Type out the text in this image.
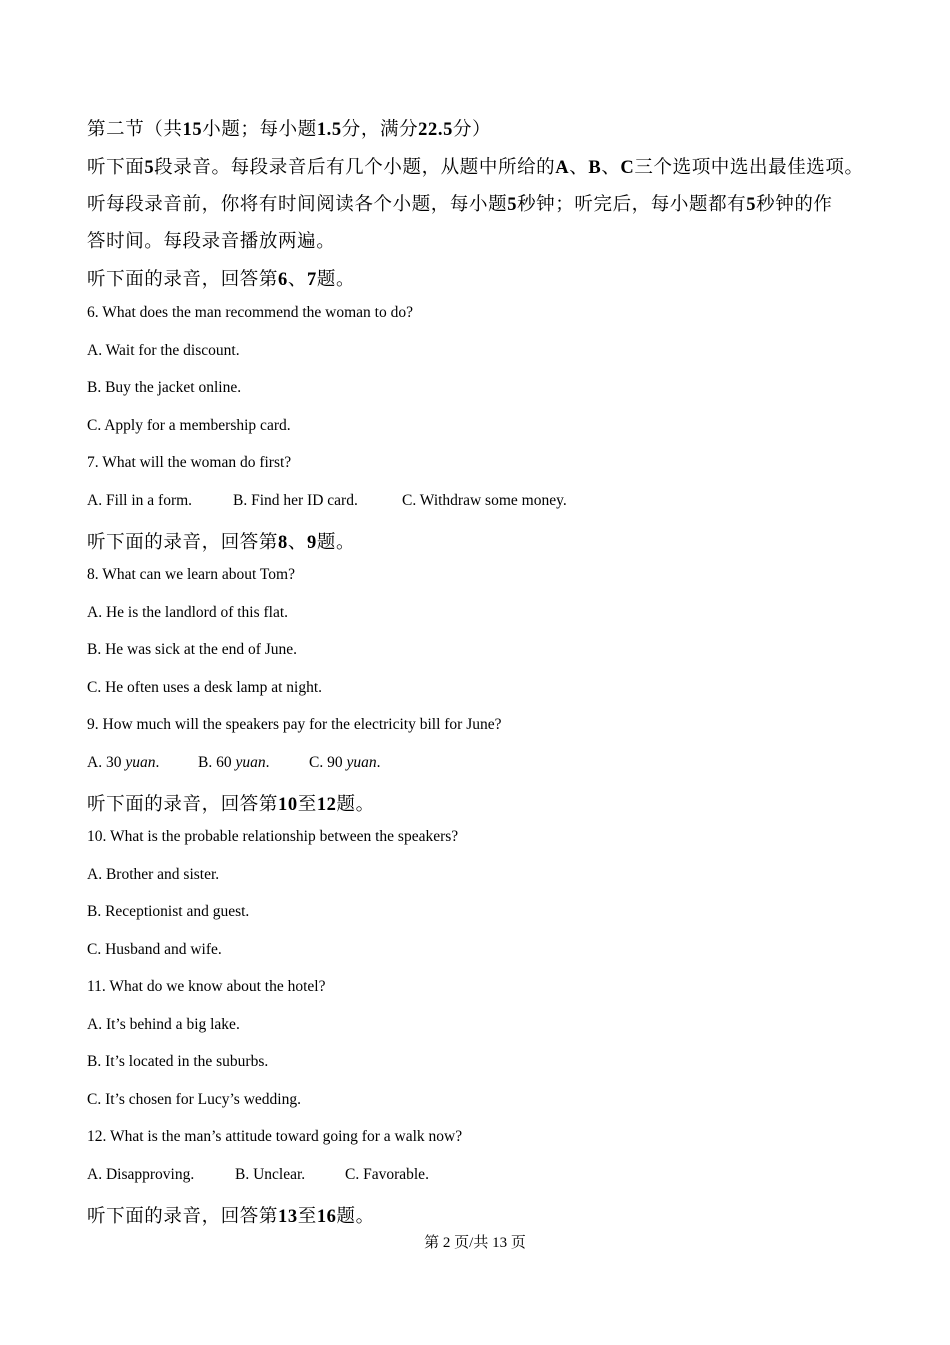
第二节（共15小题；每小题1.5分，满分22.5分）
听下面5段录音。每段录音后有几个小题，从题中所给的A、B、C三个选项中选出最佳选项。
听每段录音前，你将有时间阅读各个小题，每小题5秒钟；听完后，每小题都有5秒钟的作
答时间。每段录音播放两遍。
听下面的录音，回答第6、7题。
6. What does the man recommend the woman to do?
A. Wait for the discount.
B. Buy the jacket online.
C. Apply for a membership card.
7. What will the woman do first?
A. Fill in a form.	B. Find her ID card.	C. Withdraw some money.
听下面的录音，回答第8、9题。
8. What can we learn about Tom?
A. He is the landlord of this flat.
B. He was sick at the end of June.
C. He often uses a desk lamp at night.
9. How much will the speakers pay for the electricity bill for June?
A. 30 yuan. B. 60 yuan.	C. 90 yuan.
听下面的录音，回答第10至12题。
10. What is the probable relationship between the speakers?
A. Brother and sister.
B. Receptionist and guest.
C. Husband and wife.
11. What do we know about the hotel?
A. It’s behind a big lake.
B. It’s located in the suburbs.
C. It’s chosen for Lucy’s wedding.
12. What is the man’s attitude toward going for a walk now?
A. Disapproving.	B. Unclear.	C. Favorable.
听下面的录音，回答第13至16题。
第 2 页/共 13 页
